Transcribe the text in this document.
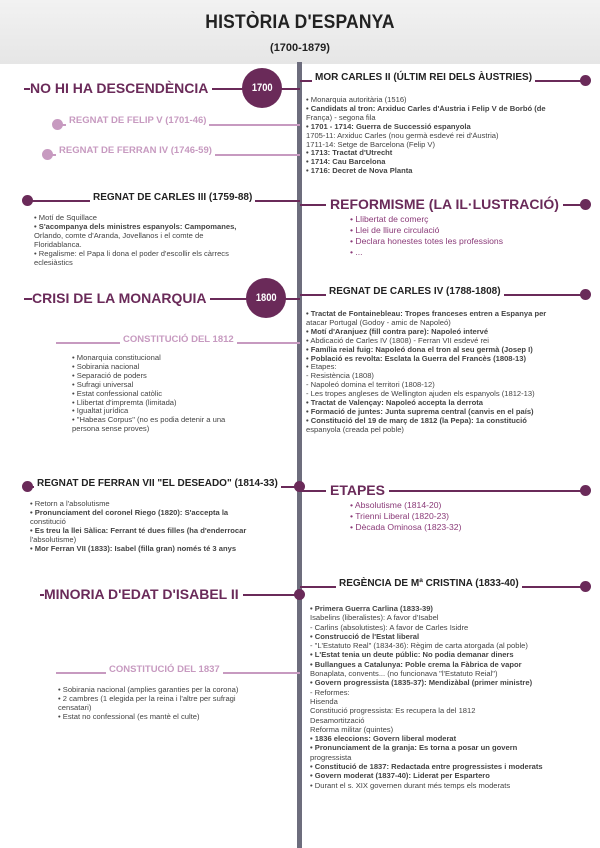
HISTÒRIA D'ESPANYA
(1700-1879)
NO HI HA DESCENDÈNCIA	1700
MOR CARLES II (ÚLTIM REI DELS ÀUSTRIES)
• Monarquia autoritària (1516)
• Candidats al tron: Arxiduc Carles d'Àustria i Felip V de Borbó (de
França) - segona fila
• 1701 - 1714: Guerra de Successió espanyola
1705-11: Arxiduc Carles (nou germà esdevé rei d'Àustria)
1711-14: Setge de Barcelona (Felip V)
• 1713: Tractat d'Utrecht
• 1714: Cau Barcelona
• 1716: Decret de Nova Planta
REGNAT DE FELIP V (1701-46)
REGNAT DE FERRAN IV (1746-59)
REGNAT DE CARLES III (1759-88)
• Motí de Squillace
• S'acompanya dels ministres espanyols: Campomanes,
Orlando, comte d'Aranda, Jovellanos i el comte de
Floridablanca.
• Regalisme: el Papa li dona el poder d'escollir els càrrecs
eclesiàstics
REFORMISME (LA IL·LUSTRACIÓ)
• Llibertat de comerç
• Llei de lliure circulació
• Declara honestes totes les professions
• ...
CRISI DE LA MONARQUIA	1800
REGNAT DE CARLES IV (1788-1808)
• Tractat de Fontainebleau: Tropes franceses entren a Espanya per
atacar Portugal (Godoy - amic de Napoleó)
• Motí d'Aranjuez (fill contra pare): Napoleó intervé
• Abdicació de Carles IV (1808) - Ferran VII esdevé rei
• Família reial fuig: Napoleó dona el tron al seu germà (Josep I)
• Població es revolta: Esclata la Guerra del Francès (1808-13)
• Etapes:
- Resistència (1808)
- Napoleó domina el territori (1808-12)
- Les tropes angleses de Wellington ajuden els espanyols (1812-13)
• Tractat de Valençay: Napoleó accepta la derrota
• Formació de juntes: Junta suprema central (canvis en el país)
• Constitució del 19 de març de 1812 (la Pepa): 1a constitució
espanyola (creada pel poble)
CONSTITUCIÓ DEL 1812
• Monarquia constitucional
• Sobirania nacional
• Separació de poders
• Sufragi universal
• Estat confessional catòlic
• Llibertat d'impremta (limitada)
• Igualtat jurídica
• "Habeas Corpus" (no es podia detenir a una
persona sense proves)
REGNAT DE FERRAN VII "EL DESEADO" (1814-33)
• Retorn a l'absolutisme
• Pronunciament del coronel Riego (1820): S'accepta la
constitució
• Es treu la llei Sàlica: Ferrant té dues filles (ha d'enderrocar
l'absolutisme)
• Mor Ferran VII (1833): Isabel (filla gran) només té 3 anys
ETAPES
• Absolutisme (1814-20)
• Trienni Liberal (1820-23)
• Dècada Ominosa (1823-32)
MINORIA D'EDAT D'ISABEL II
REGÈNCIA DE Mª CRISTINA (1833-40)
• Primera Guerra Carlina (1833-39)
Isabelins (liberalistes): A favor d'Isabel
- Carlins (absolutistes): A favor de Carles Isidre
• Construcció de l'Estat liberal
- "L'Estatuto Real" (1834-36): Règim de carta atorgada (al poble)
• L'Estat tenia un deute públic: No podia demanar diners
• Bullangues a Catalunya: Poble crema la Fàbrica de vapor
Bonaplata, convents... (no funcionava "l'Estatuto Reial")
• Govern progressista (1835-37): Mendizàbal (primer ministre)
- Reformes:
Hisenda
Constitució progressista: Es recupera la del 1812
Desamortització
Reforma militar (quintes)
• 1836 eleccions: Govern liberal moderat
• Pronunciament de la granja: Es torna a posar un govern
progressista
• Constitució de 1837: Redactada entre progressistes i moderats
• Govern moderat (1837-40): Liderat per Espartero
• Durant el s. XIX governen durant més temps els moderats
CONSTITUCIÓ DEL 1837
• Sobirania nacional (amplies garanties per la corona)
• 2 cambres (1 elegida per la reina i l'altre per sufragi
censatari)
• Estat no confessional (es mantè el culte)
